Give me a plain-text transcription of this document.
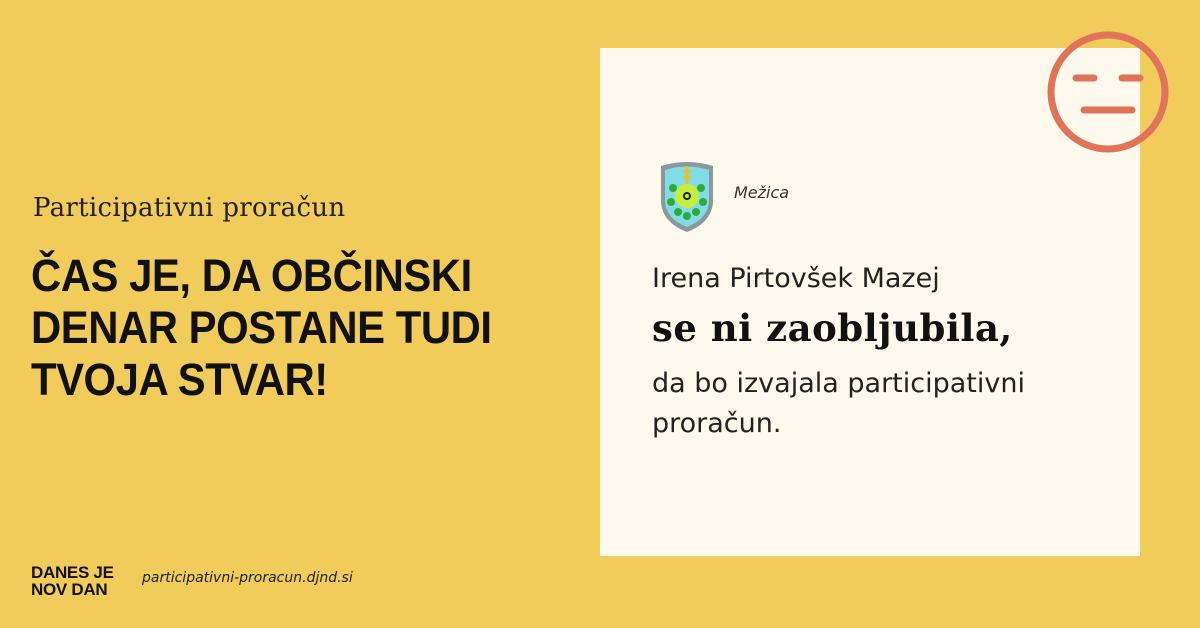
Participativni proračun
ČAS JE, DA OBČINSKI DENAR POSTANE TUDI TVOJA STVAR!
DANES JE NOV DAN
participativni-proracun.djnd.si
Mežica
Irena Pirtovšek Mazej
se ni zaobljubila,
da bo izvajala participativni proračun.
